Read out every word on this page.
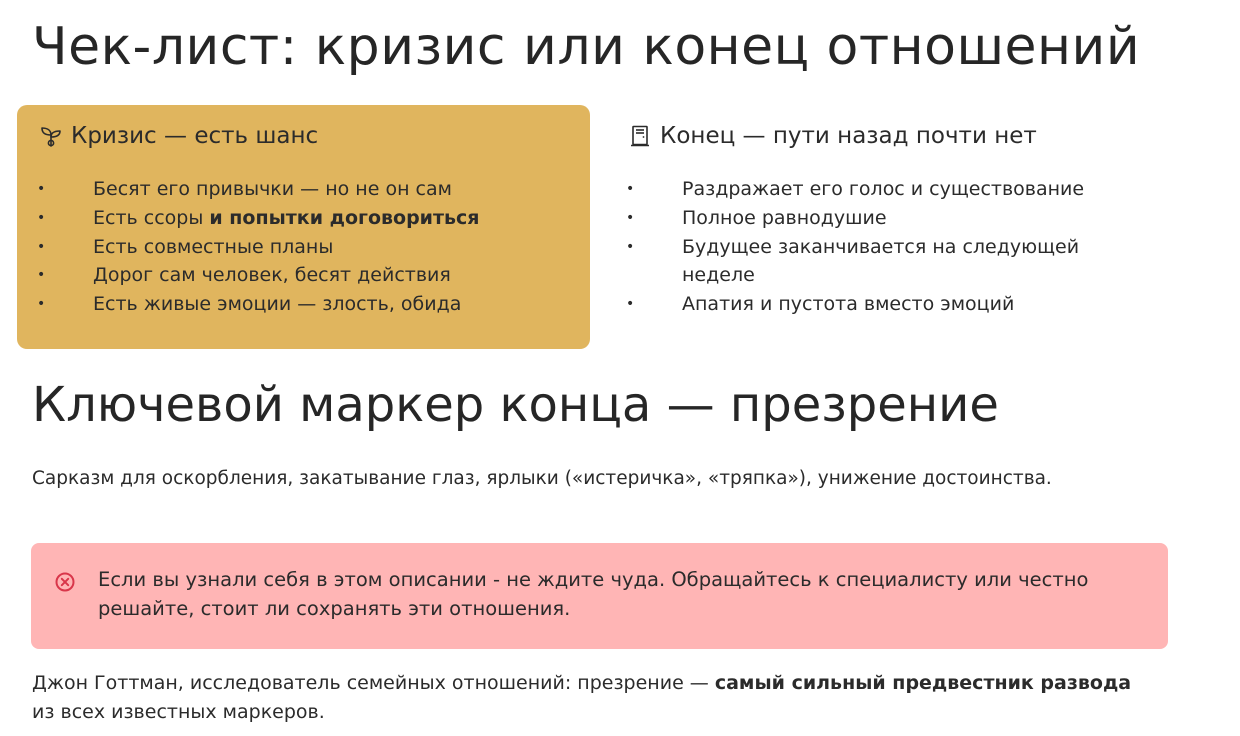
Чек-лист: кризис или конец отношений
Кризис — есть шанс
• Бесят его привычки — но не он сам
• Есть ссоры и попытки договориться
• Есть совместные планы
• Дорог сам человек, бесят действия
• Есть живые эмоции — злость, обида
Конец — пути назад почти нет
• Раздражает его голос и существование
• Полное равнодушие
• Будущее заканчивается на следующей неделе
• Апатия и пустота вместо эмоций
Ключевой маркер конца — презрение

Сарказм для оскорбления, закатывание глаз, ярлыки («истеричка», «тряпка»), унижение достоинства.

Если вы узнали себя в этом описании - не ждите чуда. Обращайтесь к специалисту или честно решайте, стоит ли сохранять эти отношения.

Джон Готтман, исследователь семейных отношений: презрение — самый сильный предвестник развода из всех известных маркеров.
